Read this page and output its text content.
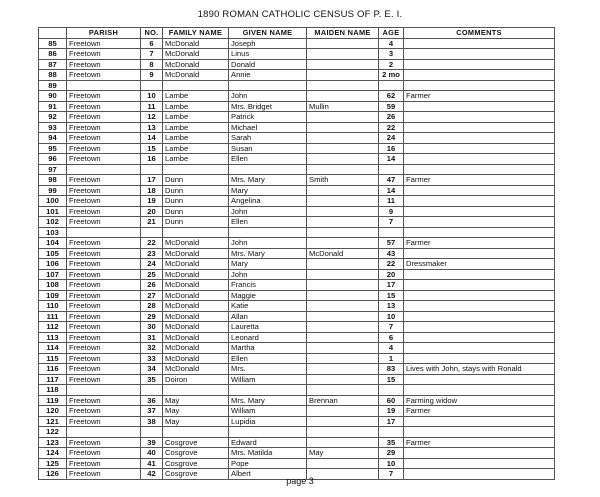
1890 ROMAN CATHOLIC CENSUS OF P. E. I.
	PARISH	NO.	FAMILY NAME	GIVEN NAME	MAIDEN NAME	AGE	COMMENTS
85	Freetown	6	McDonald	Joseph		4	
86	Freetown	7	McDonald	Linus		3	
87	Freetown	8	McDonald	Donald		2	
88	Freetown	9	McDonald	Annie		2 mo	
89							
90	Freetown	10	Lambe	John		62	Farmer
91	Freetown	11	Lambe	Mrs. Bridget	Mullin	59	
92	Freetown	12	Lambe	Patrick		26	
93	Freetown	13	Lambe	Michael		22	
94	Freetown	14	Lambe	Sarah		24	
95	Freetown	15	Lambe	Susan		16	
96	Freetown	16	Lambe	Ellen		14	
97							
98	Freetown	17	Dunn	Mrs. Mary	Smith	47	Farmer
99	Freetown	18	Dunn	Mary		14	
100	Freetown	19	Dunn	Angelina		11	
101	Freetown	20	Dunn	John		9	
102	Freetown	21	Dunn	Ellen		7	
103							
104	Freetown	22	McDonald	John		57	Farmer
105	Freetown	23	McDonald	Mrs. Mary	McDonald	43	
106	Freetown	24	McDonald	Mary		22	Dressmaker
107	Freetown	25	McDonald	John		20	
108	Freetown	26	McDonald	Francis		17	
109	Freetown	27	McDonald	Maggie		15	
110	Freetown	28	McDonald	Katie		13	
111	Freetown	29	McDonald	Allan		10	
112	Freetown	30	McDonald	Lauretta		7	
113	Freetown	31	McDonald	Leonard		6	
114	Freetown	32	McDonald	Martha		4	
115	Freetown	33	McDonald	Ellen		1	
116	Freetown	34	McDonald	Mrs.		83	Lives with John, stays with Ronald
117	Freetown	35	Doiron	William		15	
118							
119	Freetown	36	May	Mrs. Mary	Brennan	60	Farming widow
120	Freetown	37	May	William		19	Farmer
121	Freetown	38	May	Lupidia		17	
122							
123	Freetown	39	Cosgrove	Edward		35	Farmer
124	Freetown	40	Cosgrove	Mrs. Matilda	May	29	
125	Freetown	41	Cosgrove	Pope		10	
126	Freetown	42	Cosgrove	Albert		7	
page 3
